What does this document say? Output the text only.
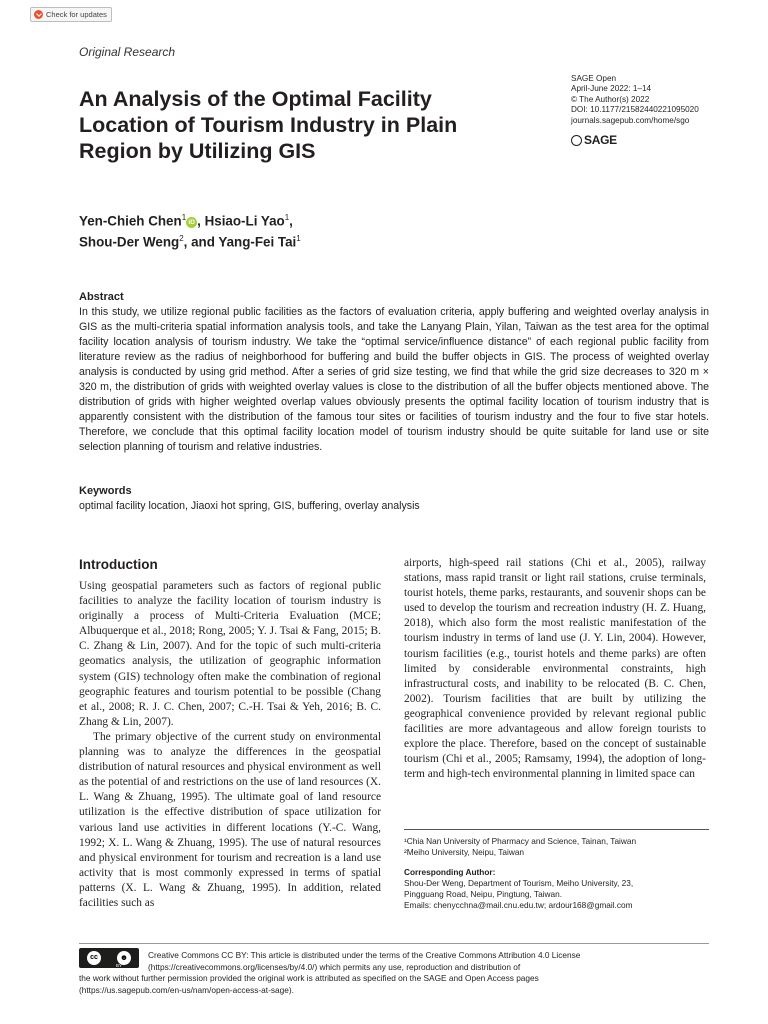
Check for updates
Original Research
An Analysis of the Optimal Facility Location of Tourism Industry in Plain Region by Utilizing GIS
SAGE Open
April-June 2022: 1–14
© The Author(s) 2022
DOI: 10.1177/21582440221095020
journals.sagepub.com/home/sgo
SAGE
Yen-Chieh Chen$^1$iD , Hsiao-Li Yao$^1$,
Shou-Der Weng$^2$, and Yang-Fei Tai$^1$
Abstract
In this study, we utilize regional public facilities as the factors of evaluation criteria, apply buffering and weighted overlay analysis in GIS as the multi-criteria spatial information analysis tools, and take the Lanyang Plain, Yilan, Taiwan as the test area for the optimal facility location analysis of tourism industry. We take the “optimal service/influence distance” of each regional public facility from literature review as the radius of neighborhood for buffering and build the buffer objects in GIS. The process of weighted overlay analysis is conducted by using grid method. After a series of grid size testing, we find that while the grid size decreases to 320 m × 320 m, the distribution of grids with weighted overlay values is close to the distribution of all the buffer objects mentioned above. The distribution of grids with higher weighted overlap values obviously presents the optimal facility location of tourism industry that is apparently consistent with the distribution of the famous tour sites or facilities of tourism industry and the four to five star hotels. Therefore, we conclude that this optimal facility location model of tourism industry should be quite suitable for land use or site selection planning of tourism and relative industries.
Keywords
optimal facility location, Jiaoxi hot spring, GIS, buffering, overlay analysis
Introduction

Using geospatial parameters such as factors of regional public facilities to analyze the facility location of tourism industry is originally a process of Multi-Criteria Evaluation (MCE; Albuquerque et al., 2018; Rong, 2005; Y. J. Tsai & Fang, 2015; B. C. Zhang & Lin, 2007). And for the topic of such multi-criteria geomatics analysis, the utilization of geographic information system (GIS) technology often make the combination of regional geographic features and tourism potential to be possible (Chang et al., 2008; R. J. C. Chen, 2007; C.-H. Tsai & Yeh, 2016; B. C. Zhang & Lin, 2007).

The primary objective of the current study on environmental planning was to analyze the differences in the geospatial distribution of natural resources and physical environment as well as the potential of and restrictions on the use of land resources (X. L. Wang & Zhuang, 1995). The ultimate goal of land resource utilization is the effective distribution of space utilization for various land use activities in different locations (Y.-C. Wang, 1992; X. L. Wang & Zhuang, 1995). The use of natural resources and physical environment for tourism and recreation is a land use activity that is most commonly expressed in terms of spatial patterns (X. L. Wang & Zhuang, 1995). In addition, related facilities such as

airports, high-speed rail stations (Chi et al., 2005), railway stations, mass rapid transit or light rail stations, cruise terminals, tourist hotels, theme parks, restaurants, and souvenir shops can be used to develop the tourism and recreation industry (H. Z. Huang, 2018), which also form the most realistic manifestation of the tourism industry in terms of land use (J. Y. Lin, 2004). However, tourism facilities (e.g., tourist hotels and theme parks) are often limited by considerable environmental constraints, high infrastructural costs, and inability to be relocated (B. C. Chen, 2002). Tourism facilities that are built by utilizing the geographical convenience provided by relevant regional public facilities are more advantageous and allow foreign tourists to explore the place. Therefore, based on the concept of sustainable tourism (Chi et al., 2005; Ramsamy, 1994), the adoption of long-term and high-tech environmental planning in limited space can

¹Chia Nan University of Pharmacy and Science, Tainan, Taiwan
²Meiho University, Neipu, Taiwan
Corresponding Author:
Shou-Der Weng, Department of Tourism, Meiho University, 23,
Pingguang Road, Neipu, Pingtung, Taiwan.
Emails: chenycchna@mail.cnu.edu.tw; ardour168@gmail.com
cc	☻
BY
Creative Commons CC BY: This article is distributed under the terms of the Creative Commons Attribution 4.0 License
(https://creativecommons.org/licenses/by/4.0/) which permits any use, reproduction and distribution of
the work without further permission provided the original work is attributed as specified on the SAGE and Open Access pages
(https://us.sagepub.com/en-us/nam/open-access-at-sage).
